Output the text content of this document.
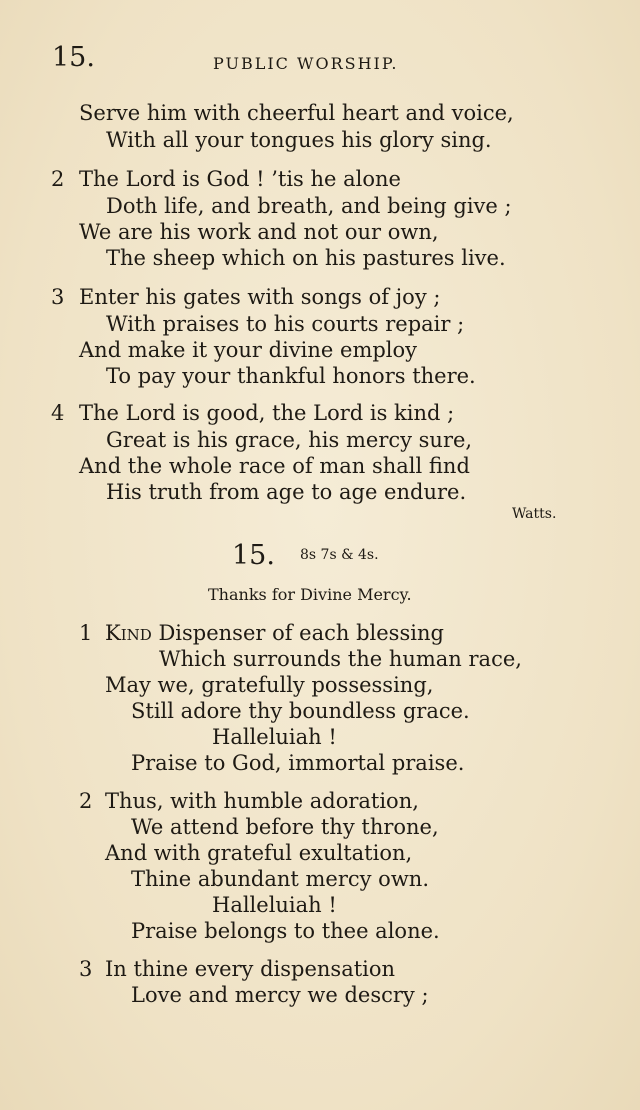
15.	PUBLIC WORSHIP.
Serve him with cheerful heart and voice,
With all your tongues his glory sing.
2 The Lord is God ! ’tis he alone
Doth life, and breath, and being give ;
We are his work and not our own,
The sheep which on his pastures live.
3 Enter his gates with songs of joy ;
With praises to his courts repair ;
And make it your divine employ
To pay your thankful honors there.
4 The Lord is good, the Lord is kind ;
Great is his grace, his mercy sure,
And the whole race of man shall find
His truth from age to age endure.
Watts.
15. 8s 7s & 4s.
Thanks for Divine Mercy.
1 Kind Dispenser of each blessing
Which surrounds the human race,
May we, gratefully possessing,
Still adore thy boundless grace.
Halleluiah !
Praise to God, immortal praise.
2 Thus, with humble adoration,
We attend before thy throne,
And with grateful exultation,
Thine abundant mercy own.
Halleluiah !
Praise belongs to thee alone.
3 In thine every dispensation
Love and mercy we descry ;
